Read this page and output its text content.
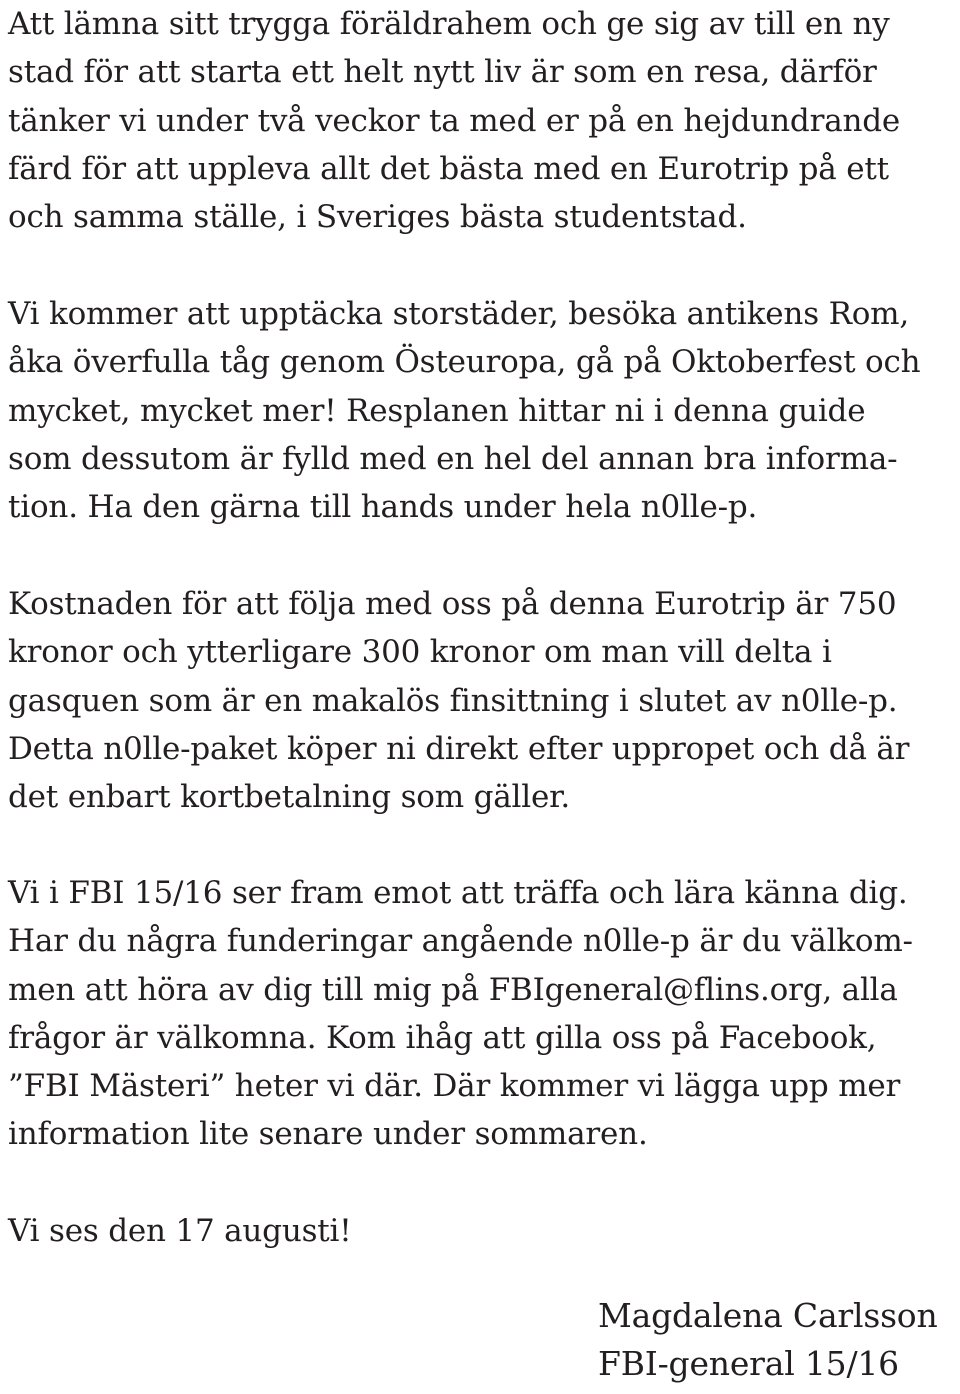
Att lämna sitt trygga föräldrahem och ge sig av till en ny
stad för att starta ett helt nytt liv är som en resa, därför
tänker vi under två veckor ta med er på en hejdundrande
färd för att uppleva allt det bästa med en Eurotrip på ett
och samma ställe, i Sveriges bästa studentstad.
Vi kommer att upptäcka storstäder, besöka antikens Rom,
åka överfulla tåg genom Östeuropa, gå på Oktoberfest och
mycket, mycket mer! Resplanen hittar ni i denna guide
som dessutom är fylld med en hel del annan bra informa-
tion. Ha den gärna till hands under hela n0lle-p.
Kostnaden för att följa med oss på denna Eurotrip är 750
kronor och ytterligare 300 kronor om man vill delta i
gasquen som är en makalös finsittning i slutet av n0lle-p.
Detta n0lle-paket köper ni direkt efter uppropet och då är
det enbart kortbetalning som gäller.
Vi i FBI 15/16 ser fram emot att träffa och lära känna dig.
Har du några funderingar angående n0lle-p är du välkom-
men att höra av dig till mig på FBIgeneral@flins.org, alla
frågor är välkomna. Kom ihåg att gilla oss på Facebook,
”FBI Mästeri” heter vi där. Där kommer vi lägga upp mer
information lite senare under sommaren.
Vi ses den 17 augusti!
Magdalena Carlsson
FBI-general 15/16
